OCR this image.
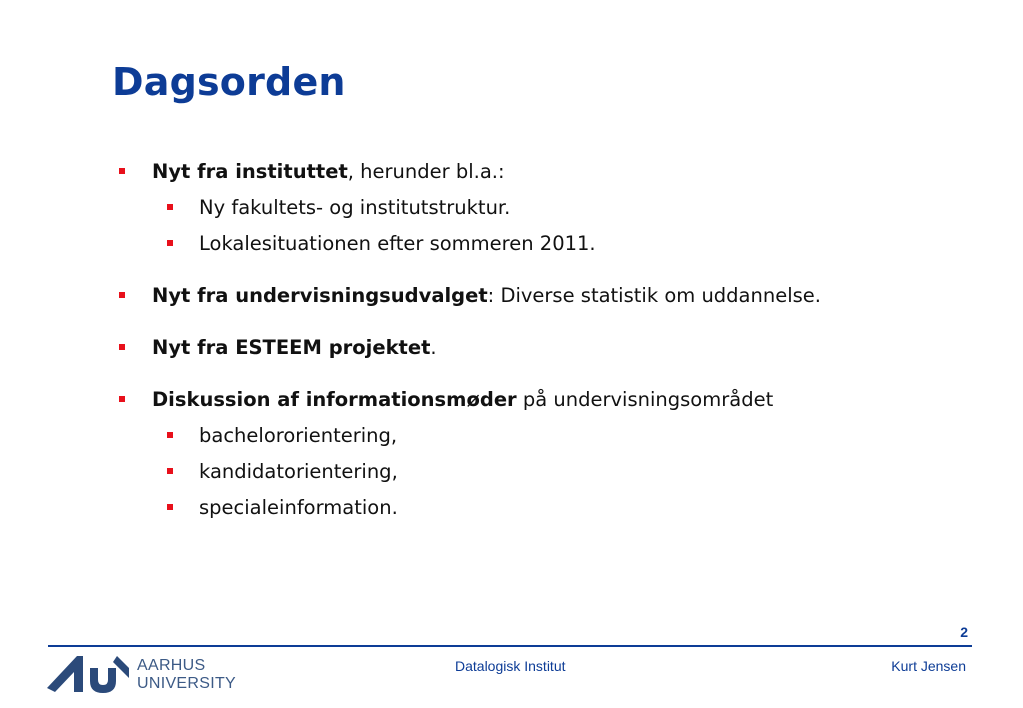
Dagsorden
Nyt fra instituttet, herunder bl.a.:
Ny fakultets- og institutstruktur.
Lokalesituationen efter sommeren 2011.
Nyt fra undervisningsudvalget: Diverse statistik om uddannelse.
Nyt fra ESTEEM projektet.
Diskussion af informationsmøder på undervisningsområdet
bachelororientering,
kandidatorientering,
specialeinformation.
2
AARHUS
UNIVERSITY
Datalogisk Institut	Kurt Jensen
